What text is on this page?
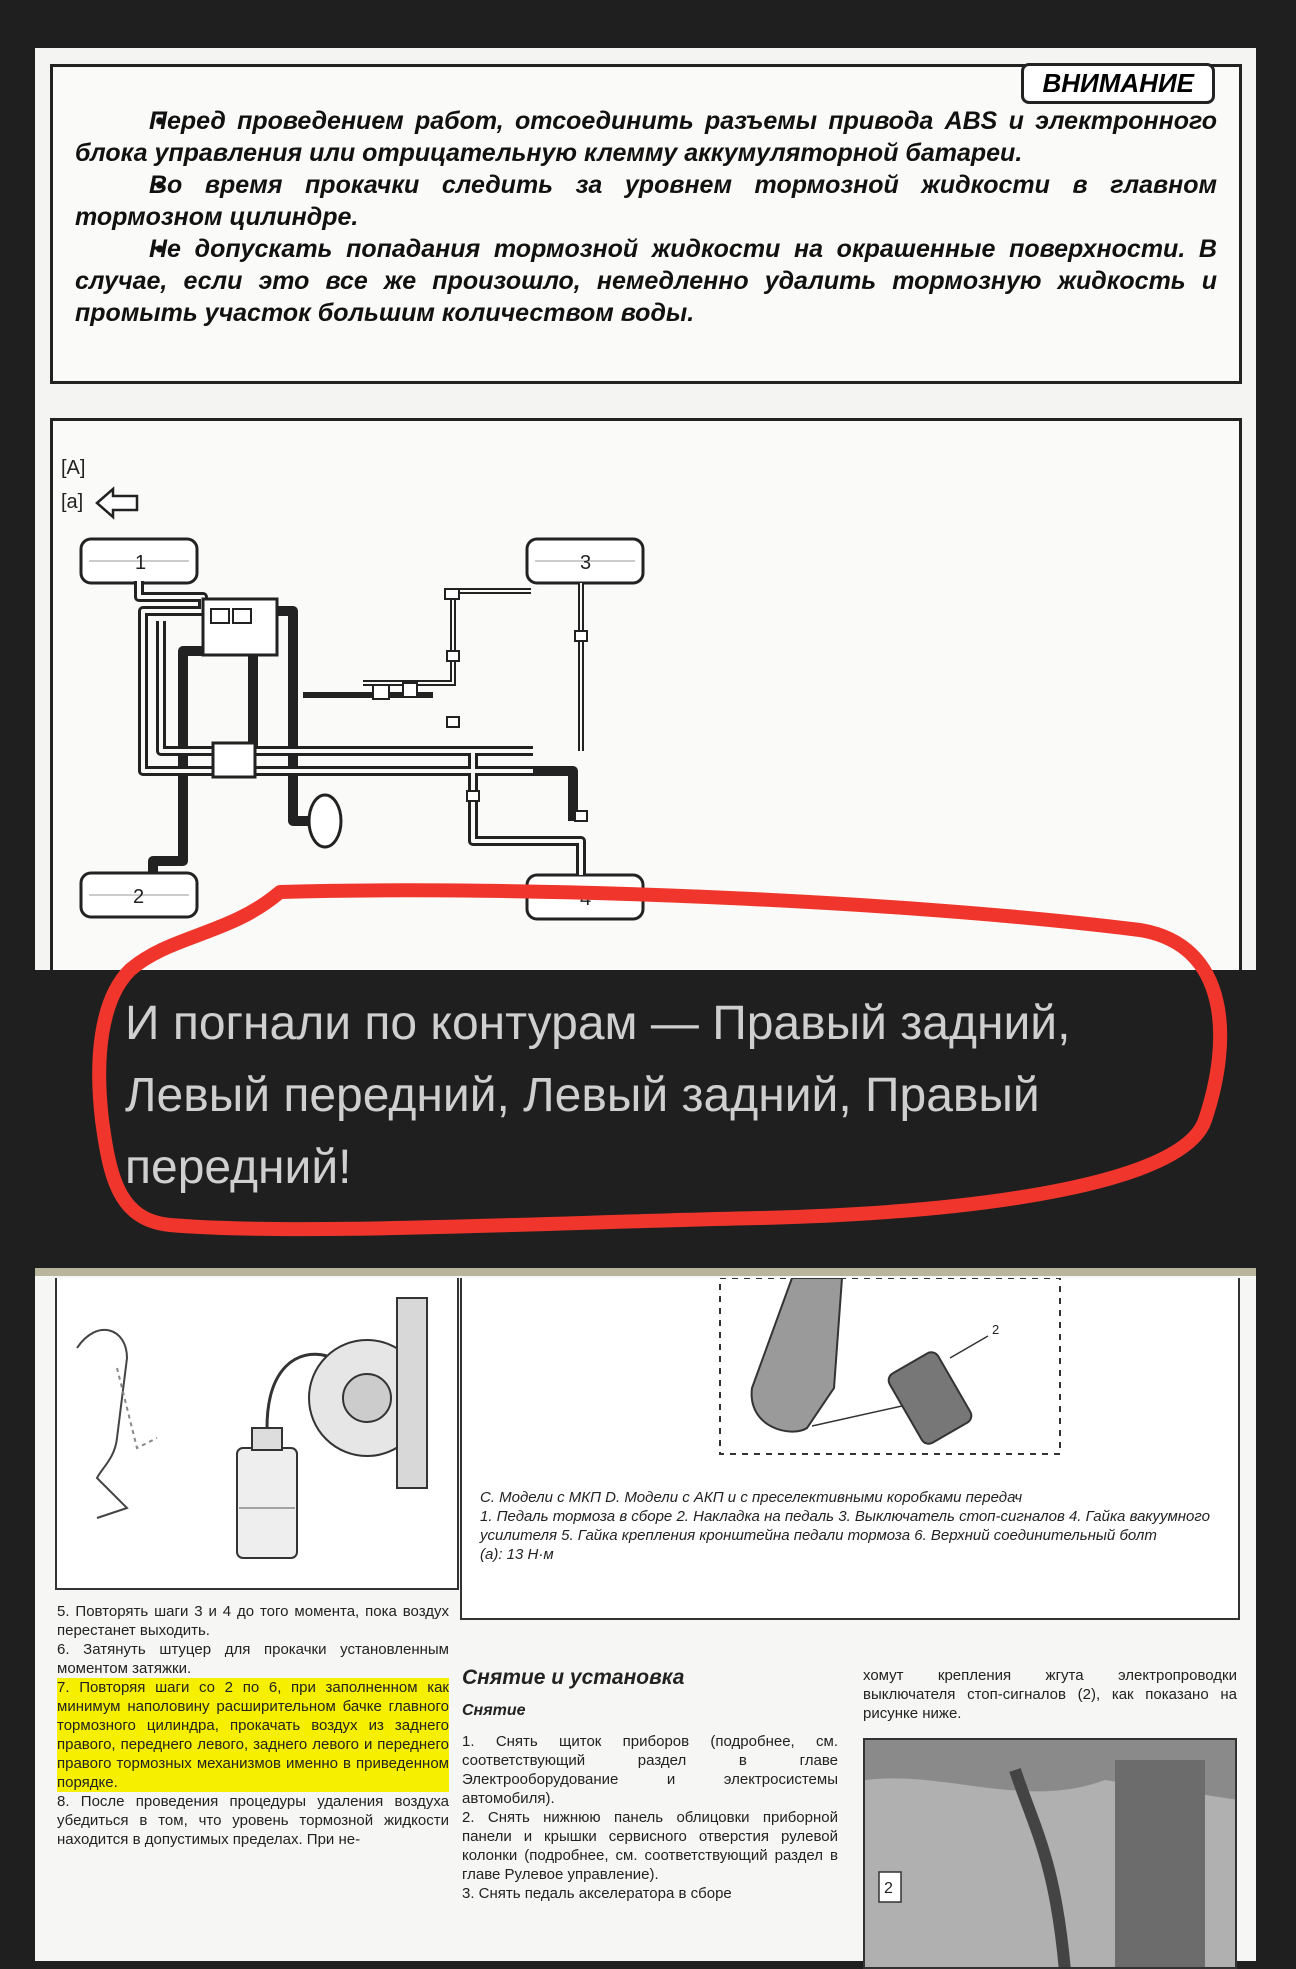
ВНИМАНИЕ

• Перед проведением работ, отсоединить разъемы привода ABS и электронного блока управления или отрицательную клемму аккумуляторной батареи.

• Во время прокачки следить за уровнем тормозной жидкости в главном тормозном цилиндре.

• Не допускать попадания тормозной жидкости на окрашенные поверхности. В случае, если это все же произошло, немедленно удалить тормозную жидкость и промыть участок большим количеством воды.

[A]
[a]
1
2
3
4
И погнали по контурам — Правый задний, Левый передний, Левый задний, Правый передний!
5. Повторять шаги 3 и 4 до того момента, пока воздух перестанет выходить.
6. Затянуть штуцер для прокачки установленным моментом затяжки.
7. Повторяя шаги со 2 по 6, при заполненном как минимум наполовину расширительном бачке главного тормозного цилиндра, прокачать воздух из заднего правого, переднего левого, заднего левого и переднего правого тормозных механизмов именно в приведенном порядке.
8. После проведения процедуры удаления воздуха убедиться в том, что уровень тормозной жидкости находится в допустимых пределах. При не-
2
C. Модели с МКП D. Модели с АКП и с преселективными коробками передач
1. Педаль тормоза в сборе 2. Накладка на педаль 3. Выключатель стоп-сигналов 4. Гайка вакуумного усилителя 5. Гайка крепления кронштейна педали тормоза 6. Верхний соединительный болт
(a): 13 Н·м
Снятие и установка
Снятие
1. Снять щиток приборов (подробнее, см. соответствующий раздел в главе Электрооборудование и электросистемы автомобиля).
2. Снять нижнюю панель облицовки приборной панели и крышки сервисного отверстия рулевой колонки (подробнее, см. соответствующий раздел в главе Рулевое управление).
3. Снять педаль акселератора в сборе
хомут крепления жгута электропроводки выключателя стоп-сигналов (2), как показано на рисунке ниже.
2
